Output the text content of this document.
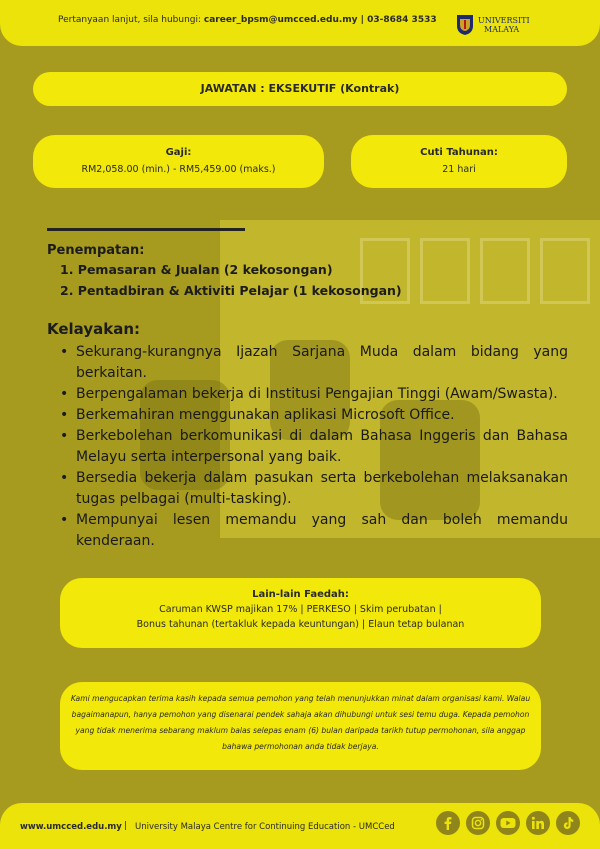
Pertanyaan lanjut, sila hubungi: career_bpsm@umcced.edu.my | 03-8684 3533	UNIVERSITI
MALAYA
JAWATAN : EKSEKUTIF (Kontrak)
Gaji:
RM2,058.00 (min.) - RM5,459.00 (maks.)
Cuti Tahunan:
21 hari
Penempatan:
1. Pemasaran & Jualan (2 kekosongan)
2. Pentadbiran & Aktiviti Pelajar (1 kekosongan)
Kelayakan:
• Sekurang-kurangnya Ijazah Sarjana Muda dalam bidang yang berkaitan.
• Berpengalaman bekerja di Institusi Pengajian Tinggi (Awam/Swasta).
• Berkemahiran menggunakan aplikasi Microsoft Office.
• Berkebolehan berkomunikasi di dalam Bahasa Inggeris dan Bahasa Melayu serta interpersonal yang baik.
• Bersedia bekerja dalam pasukan serta berkebolehan melaksanakan tugas pelbagai (multi-tasking).
• Mempunyai lesen memandu yang sah dan boleh memandu kenderaan.
Lain-lain Faedah:
Caruman KWSP majikan 17% | PERKESO | Skim perubatan |
Bonus tahunan (tertakluk kepada keuntungan) | Elaun tetap bulanan

Kami mengucapkan terima kasih kepada semua pemohon yang telah menunjukkan minat dalam organisasi kami. Walau bagaimanapun, hanya pemohon yang disenarai pendek sahaja akan dihubungi untuk sesi temu duga. Kepada pemohon yang tidak menerima sebarang maklum balas selepas enam (6) bulan daripada tarikh tutup permohonan, sila anggap bahawa permohonan anda tidak berjaya.

www.umcced.edu.my | University Malaya Centre for Continuing Education - UMCCed
